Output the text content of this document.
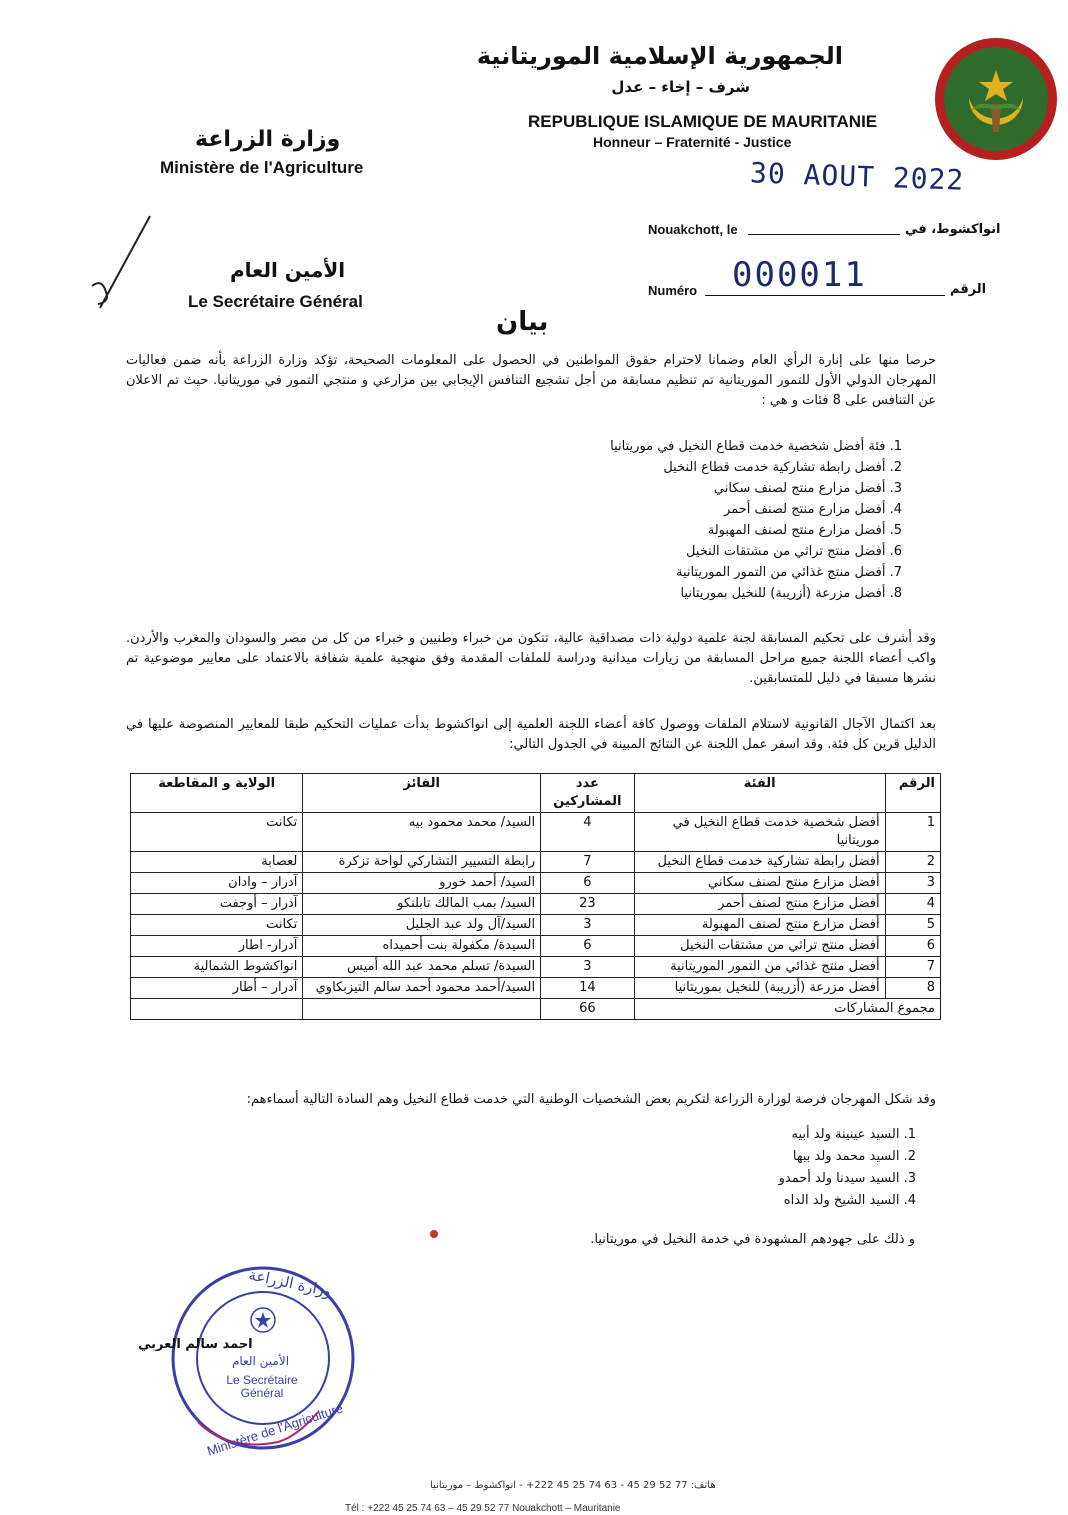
الجمهورية الإسلامية الموريتانية
شرف – إخاء – عدل
REPUBLIQUE ISLAMIQUE DE MAURITANIE
Honneur – Fraternité - Justice
وزارة الزراعة
Ministère de l'Agriculture
الأمين العام
Le Secrétaire Général
30 AOUT 2022
Nouakchott, le	انواكشوط، في
000011
Numéro	الرقم
بيان
حرصا منها على إنارة الرأي العام وضمانا لاحترام حقوق المواطنين في الحصول على المعلومات الصحيحة، تؤكد وزارة الزراعة بأنه ضمن فعاليات المهرجان الدولي الأول للتمور الموريتانية تم تنظيم مسابقة من أجل تشجيع التنافس الإيجابي بين مزارعي و منتجي التمور في موريتانيا. حيث تم الاعلان عن التنافس على 8 فئات و هي :
1. فئة أفضل شخصية خدمت قطاع النخيل في موريتانيا
2. أفضل رابطة تشاركية خدمت قطاع النخيل
3. أفضل مزارع منتج لصنف سكاني
4. أفضل مزارع منتج لصنف أحمر
5. أفضل مزارع منتج لصنف المهبولة
6. أفضل منتج تراثي من مشتقات النخيل
7. أفضل منتج غذائي من التمور الموريتانية
8. أفضل مزرعة (أزريبة) للنخيل بموريتانيا
وقد أشرف على تحكيم المسابقة لجنة علمية دولية ذات مصداقية عالية، تتكون من خبراء وطنيين و خبراء من كل من مصر والسودان والمغرب والأردن. واكب أعضاء اللجنة جميع مراحل المسابقة من زيارات ميدانية ودراسة للملفات المقدمة وفق منهجية علمية شفافة بالاعتماد على معايير موضوعية تم نشرها مسبقا في دليل للمتسابقين.
بعد اكتمال الآجال القانونية لاستلام الملفات ووصول كافة أعضاء اللجنة العلمية إلى انواكشوط بدأت عمليات التحكيم طبقا للمعايير المنصوصة عليها في الدليل قرين كل فئة. وقد اسفر عمل اللجنة عن النتائج المبينة في الجدول التالي:
الرقم	الفئة	عدد المشاركين	الفائز	الولاية و المقاطعة
1	أفضل شخصية خدمت قطاع النخيل في موريتانيا	4	السيد/ محمد محمود بيه	تكانت
2	أفضل رابطة تشاركية خدمت قطاع النخيل	7	رابطة التسيير التشاركي لواحة تزكرة	لعصابة
3	أفضل مزارع منتج لصنف سكاني	6	السيد/ أحمد خورو	آدرار – وادان
4	أفضل مزارع منتج لصنف أحمر	23	السيد/ بمب المالك تابلنكو	آدرار – أوجفت
5	أفضل مزارع منتج لصنف المهبولة	3	السيد/آل ولد عبد الجليل	تكانت
6	أفضل منتج تراثي من مشتقات النخيل	6	السيدة/ مكفولة بنت أحميداه	آدرار- اطار
7	أفضل منتج غذائي من التمور الموريتانية	3	السيدة/ تسلم محمد عبد الله أميس	انواكشوط الشمالية
8	أفضل مزرعة (أزريبة) للنخيل بموريتانيا	14	السيد/أحمد محمود أحمد سالم التيزبكاوي	آدرار – أطار
مجموع المشاركات		66		
وقد شكل المهرجان فرصة لوزارة الزراعة لتكريم بعض الشخصيات الوطنية التي خدمت قطاع النخيل وهم السادة التالية أسماءهم:
1. السيد عينينة ولد أبيه
2. السيد محمد ولد ببها
3. السيد سيدنا ولد أحمدو
4. السيد الشيخ ولد الداه
و ذلك على جهودهم المشهودة في خدمة النخيل في موريتانيا.
وزارة الزراعة
الأمين العام
Le Secrétaire Général
Ministère de l'Agriculture
احمد سالم العربي
هاتف: 77 52 29 45 - 63 74 25 45 222+ - انواكشوط – موريتانيا
Tél : +222 45 25 74 63 – 45 29 52 77 Nouakchott – Mauritanie
